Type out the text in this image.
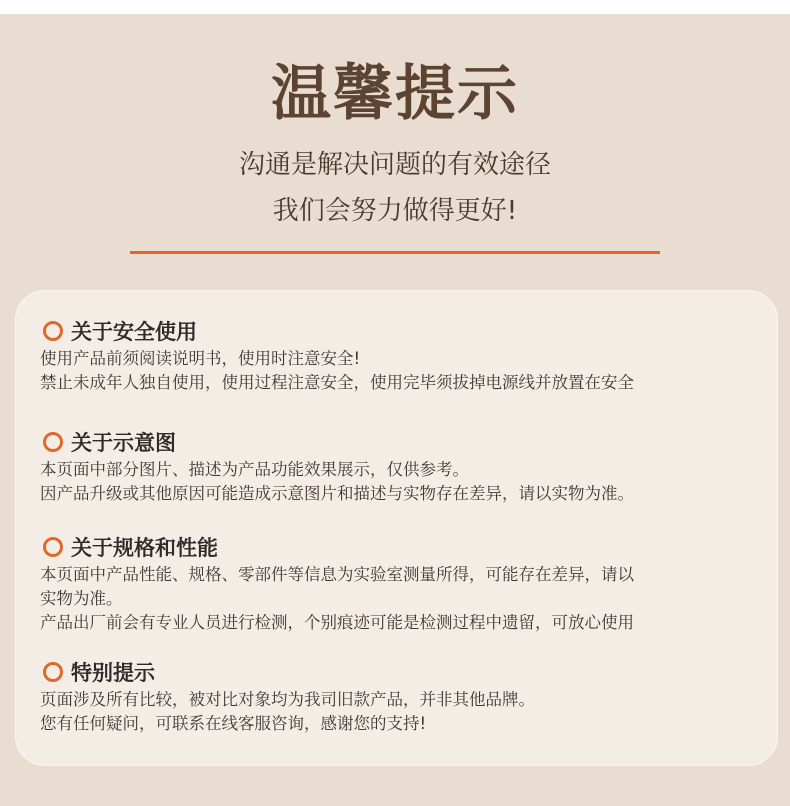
温馨提示
沟通是解决问题的有效途径
我们会努力做得更好!
关于安全使用
使用产品前须阅读说明书，使用时注意安全!
禁止未成年人独自使用，使用过程注意安全，使用完毕须拔掉电源线并放置在安全
关于示意图
本页面中部分图片、描述为产品功能效果展示，仅供参考。
因产品升级或其他原因可能造成示意图片和描述与实物存在差异，请以实物为准。
关于规格和性能
本页面中产品性能、规格、零部件等信息为实验室测量所得，可能存在差异，请以
实物为准。
产品出厂前会有专业人员进行检测，个别痕迹可能是检测过程中遗留，可放心使用
特别提示
页面涉及所有比较，被对比对象均为我司旧款产品，并非其他品牌。
您有任何疑问，可联系在线客服咨询，感谢您的支持!
